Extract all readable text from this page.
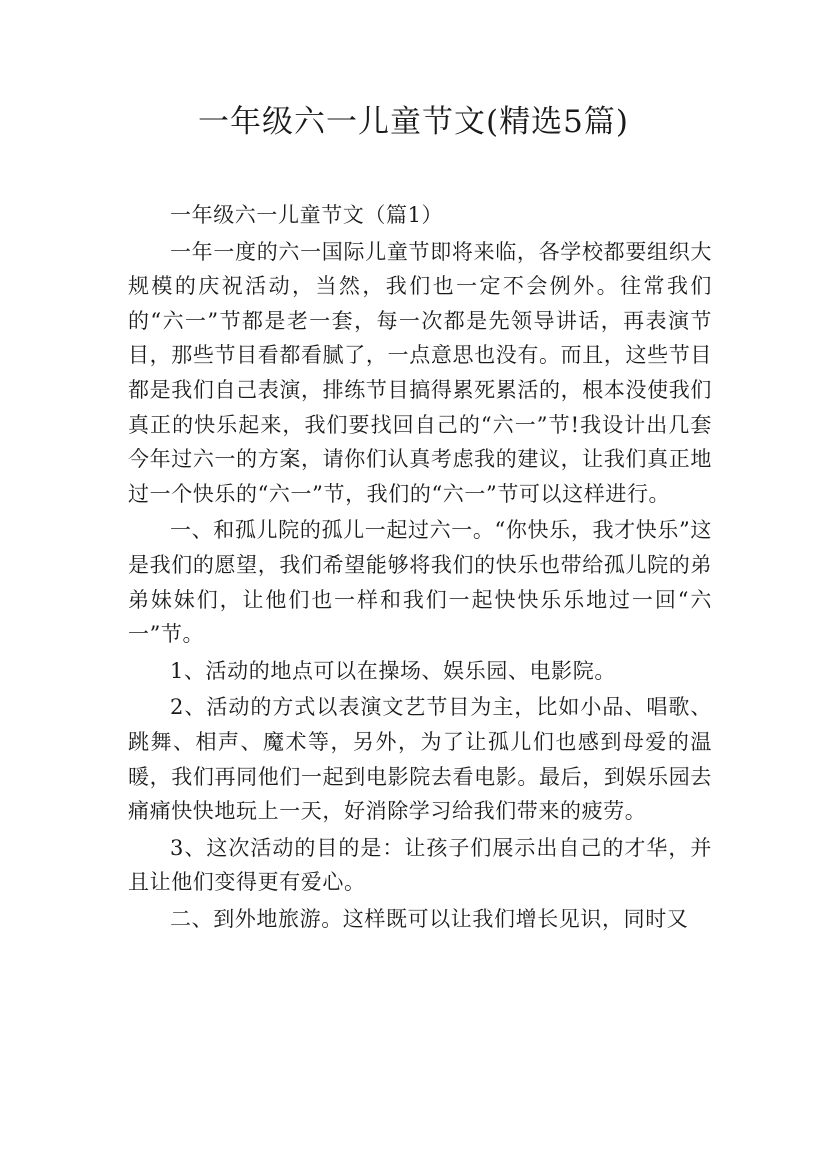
一年级六一儿童节文(精选5篇)

一年级六一儿童节文（篇1）

一年一度的六一国际儿童节即将来临，各学校都要组织大规模的庆祝活动，当然，我们也一定不会例外。往常我们的“六一”节都是老一套，每一次都是先领导讲话，再表演节目，那些节目看都看腻了，一点意思也没有。而且，这些节目都是我们自己表演，排练节目搞得累死累活的，根本没使我们真正的快乐起来，我们要找回自己的“六一”节!我设计出几套今年过六一的方案，请你们认真考虑我的建议，让我们真正地过一个快乐的“六一”节，我们的“六一”节可以这样进行。

一、和孤儿院的孤儿一起过六一。“你快乐，我才快乐”这是我们的愿望，我们希望能够将我们的快乐也带给孤儿院的弟弟妹妹们，让他们也一样和我们一起快快乐乐地过一回“六一”节。

1、活动的地点可以在操场、娱乐园、电影院。

2、活动的方式以表演文艺节目为主，比如小品、唱歌、跳舞、相声、魔术等，另外，为了让孤儿们也感到母爱的温暖，我们再同他们一起到电影院去看电影。最后，到娱乐园去痛痛快快地玩上一天，好消除学习给我们带来的疲劳。

3、这次活动的目的是：让孩子们展示出自己的才华，并且让他们变得更有爱心。

二、到外地旅游。这样既可以让我们增长见识，同时又
